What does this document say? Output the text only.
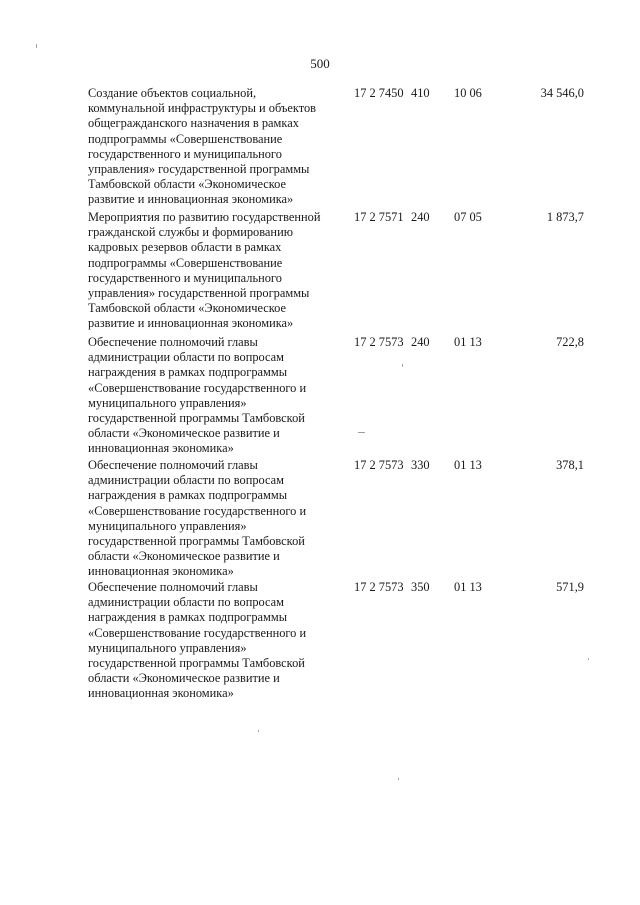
500

Создание объектов социальной,
коммунальной инфраструктуры и объектов
общегражданского назначения в рамках
подпрограммы «Совершенствование
государственного и муниципального
управления» государственной программы
Тамбовской области «Экономическое
развитие и инновационная экономика»

17 2 7450 410 10 06	34 546,0

Мероприятия по развитию государственной
гражданской службы и формированию
кадровых резервов области в рамках
подпрограммы «Совершенствование
государственного и муниципального
управления» государственной программы
Тамбовской области «Экономическое
развитие и инновационная экономика»

17 2 7571 240 07 05	1 873,7

Обеспечение полномочий главы
администрации области по вопросам
награждения в рамках подпрограммы
«Совершенствование государственного и
муниципального управления»
государственной программы Тамбовской
области «Экономическое развитие и
инновационная экономика»

17 2 7573 240 01 13	722,8

Обеспечение полномочий главы
администрации области по вопросам
награждения в рамках подпрограммы
«Совершенствование государственного и
муниципального управления»
государственной программы Тамбовской
области «Экономическое развитие и
инновационная экономика»

17 2 7573 330 01 13	378,1

Обеспечение полномочий главы
администрации области по вопросам
награждения в рамках подпрограммы
«Совершенствование государственного и
муниципального управления»
государственной программы Тамбовской
области «Экономическое развитие и
инновационная экономика»

17 2 7573 350 01 13	571,9
